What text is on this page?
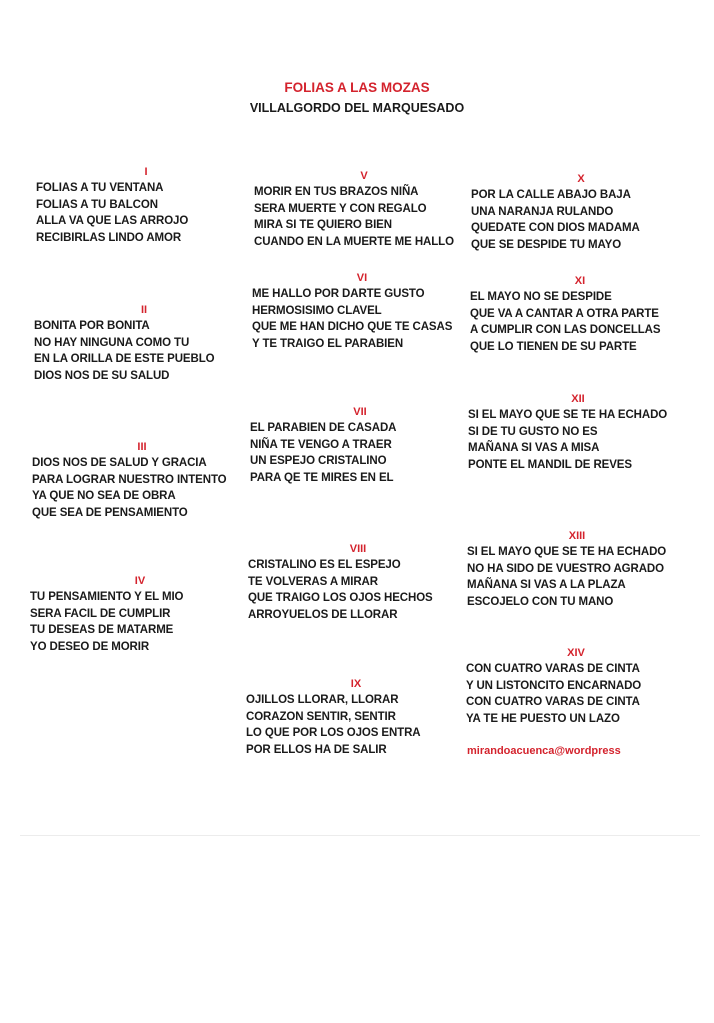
FOLIAS A LAS MOZAS
VILLALGORDO DEL MARQUESADO
I
FOLIAS A TU VENTANA
FOLIAS A TU BALCON
ALLA VA QUE LAS ARROJO
RECIBIRLAS LINDO AMOR
II
BONITA POR BONITA
NO HAY NINGUNA COMO TU
EN LA ORILLA DE ESTE PUEBLO
DIOS NOS DE SU SALUD
III
DIOS NOS DE SALUD Y GRACIA
PARA LOGRAR NUESTRO INTENTO
YA QUE NO SEA DE OBRA
QUE SEA DE PENSAMIENTO
IV
TU PENSAMIENTO Y EL MIO
SERA FACIL DE CUMPLIR
TU DESEAS DE MATARME
YO DESEO DE MORIR
V
MORIR EN TUS BRAZOS NIÑA
SERA MUERTE Y CON REGALO
MIRA SI TE QUIERO BIEN
CUANDO EN LA MUERTE ME HALLO
VI
ME HALLO POR DARTE GUSTO
HERMOSISIMO CLAVEL
QUE ME HAN DICHO QUE TE CASAS
Y TE TRAIGO EL PARABIEN
VII
EL PARABIEN DE CASADA
NIÑA TE VENGO A TRAER
UN ESPEJO CRISTALINO
PARA QE TE MIRES EN EL
VIII
CRISTALINO ES EL ESPEJO
TE VOLVERAS A MIRAR
QUE TRAIGO LOS OJOS HECHOS
ARROYUELOS DE LLORAR
IX
OJILLOS LLORAR, LLORAR
CORAZON SENTIR, SENTIR
LO QUE POR LOS OJOS ENTRA
POR ELLOS HA DE SALIR
X
POR LA CALLE ABAJO BAJA
UNA NARANJA RULANDO
QUEDATE CON DIOS MADAMA
QUE SE DESPIDE TU MAYO
XI
EL MAYO NO SE DESPIDE
QUE VA A CANTAR A OTRA PARTE
A CUMPLIR CON LAS DONCELLAS
QUE LO TIENEN DE SU PARTE
XII
SI EL MAYO QUE SE TE HA ECHADO
SI DE TU GUSTO NO ES
MAÑANA SI VAS A MISA
PONTE EL MANDIL DE REVES
XIII
SI EL MAYO QUE SE TE HA ECHADO
NO HA SIDO DE VUESTRO AGRADO
MAÑANA SI VAS A LA PLAZA
ESCOJELO CON TU MANO
XIV
CON CUATRO VARAS DE CINTA
Y UN LISTONCITO ENCARNADO
CON CUATRO VARAS DE CINTA
YA TE HE PUESTO UN LAZO
mirandoacuenca@wordpress
